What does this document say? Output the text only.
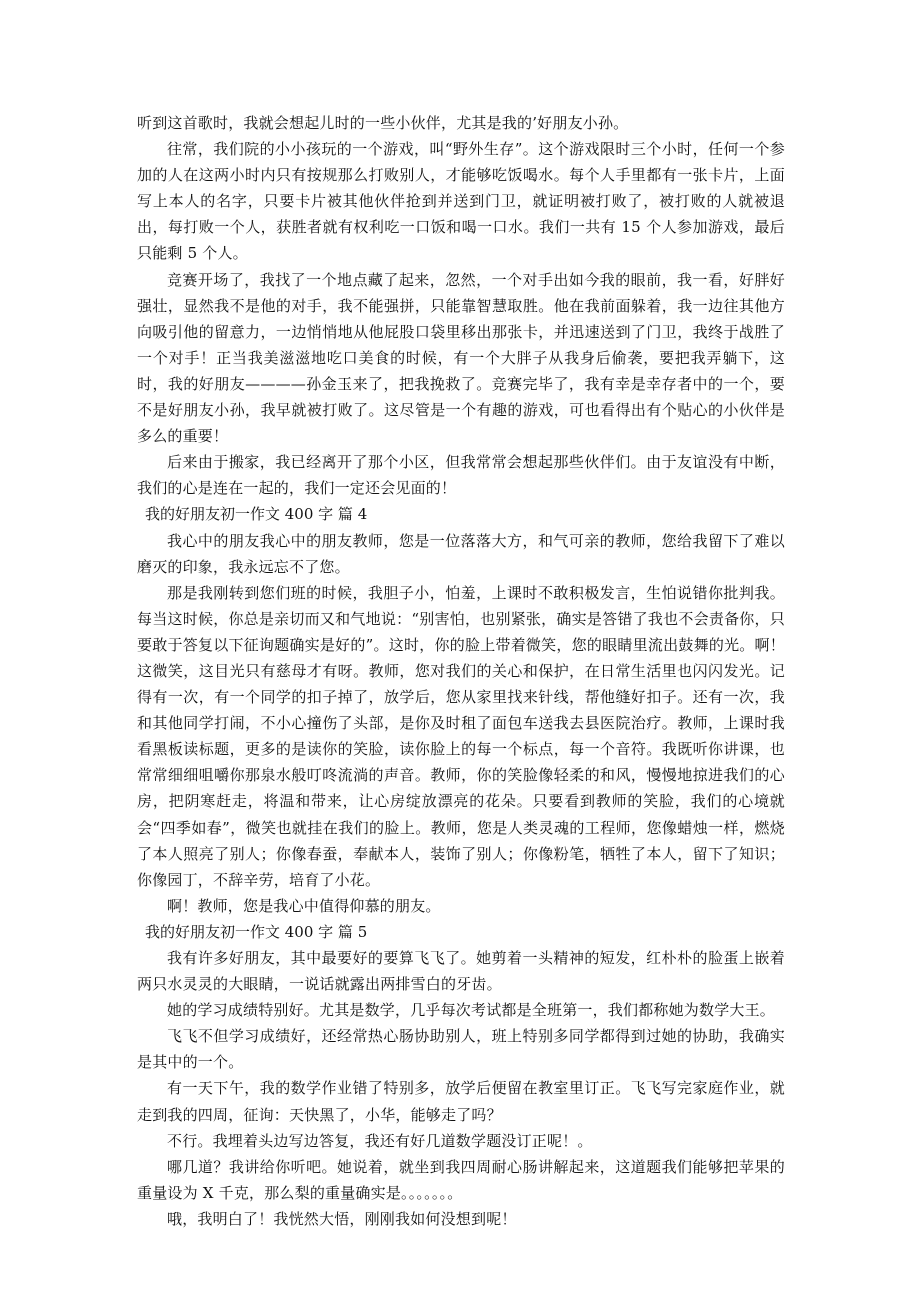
听到这首歌时，我就会想起儿时的一些小伙伴，尤其是我的’好朋友小孙。

往常，我们院的小小孩玩的一个游戏，叫“野外生存”。这个游戏限时三个小时，任何一个参加的人在这两小时内只有按规那么打败别人，才能够吃饭喝水。每个人手里都有一张卡片，上面写上本人的名字，只要卡片被其他伙伴抢到并送到门卫，就证明被打败了，被打败的人就被退出，每打败一个人，获胜者就有权利吃一口饭和喝一口水。我们一共有 15 个人参加游戏，最后只能剩 5 个人。

竞赛开场了，我找了一个地点藏了起来，忽然，一个对手出如今我的眼前，我一看，好胖好强壮，显然我不是他的对手，我不能强拼，只能靠智慧取胜。他在我前面躲着，我一边往其他方向吸引他的留意力，一边悄悄地从他屁股口袋里移出那张卡，并迅速送到了门卫，我终于战胜了一个对手！正当我美滋滋地吃口美食的时候，有一个大胖子从我身后偷袭，要把我弄躺下，这时，我的好朋友————孙金玉来了，把我挽救了。竞赛完毕了，我有幸是幸存者中的一个，要不是好朋友小孙，我早就被打败了。这尽管是一个有趣的游戏，可也看得出有个贴心的小伙伴是多么的重要！

后来由于搬家，我已经离开了那个小区，但我常常会想起那些伙伴们。由于友谊没有中断，我们的心是连在一起的，我们一定还会见面的！

我的好朋友初一作文 400 字 篇 4

我心中的朋友我心中的朋友教师，您是一位落落大方，和气可亲的教师，您给我留下了难以磨灭的印象，我永远忘不了您。

那是我刚转到您们班的时候，我胆子小，怕羞，上课时不敢积极发言，生怕说错你批判我。每当这时候，你总是亲切而又和气地说：“别害怕，也别紧张，确实是答错了我也不会责备你，只要敢于答复以下征询题确实是好的”。这时，你的脸上带着微笑，您的眼睛里流出鼓舞的光。啊！这微笑，这目光只有慈母才有呀。教师，您对我们的关心和保护，在日常生活里也闪闪发光。记得有一次，有一个同学的扣子掉了，放学后，您从家里找来针线，帮他缝好扣子。还有一次，我和其他同学打闹，不小心撞伤了头部，是你及时租了面包车送我去县医院治疗。教师，上课时我看黑板读标题，更多的是读你的笑脸，读你脸上的每一个标点，每一个音符。我既听你讲课，也常常细细咀嚼你那泉水般叮咚流淌的声音。教师，你的笑脸像轻柔的和风，慢慢地掠进我们的心房，把阴寒赶走，将温和带来，让心房绽放漂亮的花朵。只要看到教师的笑脸，我们的心境就会“四季如春”，微笑也就挂在我们的脸上。教师，您是人类灵魂的工程师，您像蜡烛一样，燃烧了本人照亮了别人；你像春蚕，奉献本人，装饰了别人；你像粉笔，牺牲了本人，留下了知识；你像园丁，不辞辛劳，培育了小花。

啊！教师，您是我心中值得仰慕的朋友。

我的好朋友初一作文 400 字 篇 5

我有许多好朋友，其中最要好的要算飞飞了。她剪着一头精神的短发，红朴朴的脸蛋上嵌着两只水灵灵的大眼睛，一说话就露出两排雪白的牙齿。

她的学习成绩特别好。尤其是数学，几乎每次考试都是全班第一，我们都称她为数学大王。

飞飞不但学习成绩好，还经常热心肠协助别人，班上特别多同学都得到过她的协助，我确实是其中的一个。

有一天下午，我的数学作业错了特别多，放学后便留在教室里订正。飞飞写完家庭作业，就走到我的四周，征询：天快黑了，小华，能够走了吗？

不行。我埋着头边写边答复，我还有好几道数学题没订正呢！。

哪几道？我讲给你听吧。她说着，就坐到我四周耐心肠讲解起来，这道题我们能够把苹果的重量设为 X 千克，那么梨的重量确实是。。。。。。。

哦，我明白了！我恍然大悟，刚刚我如何没想到呢！
